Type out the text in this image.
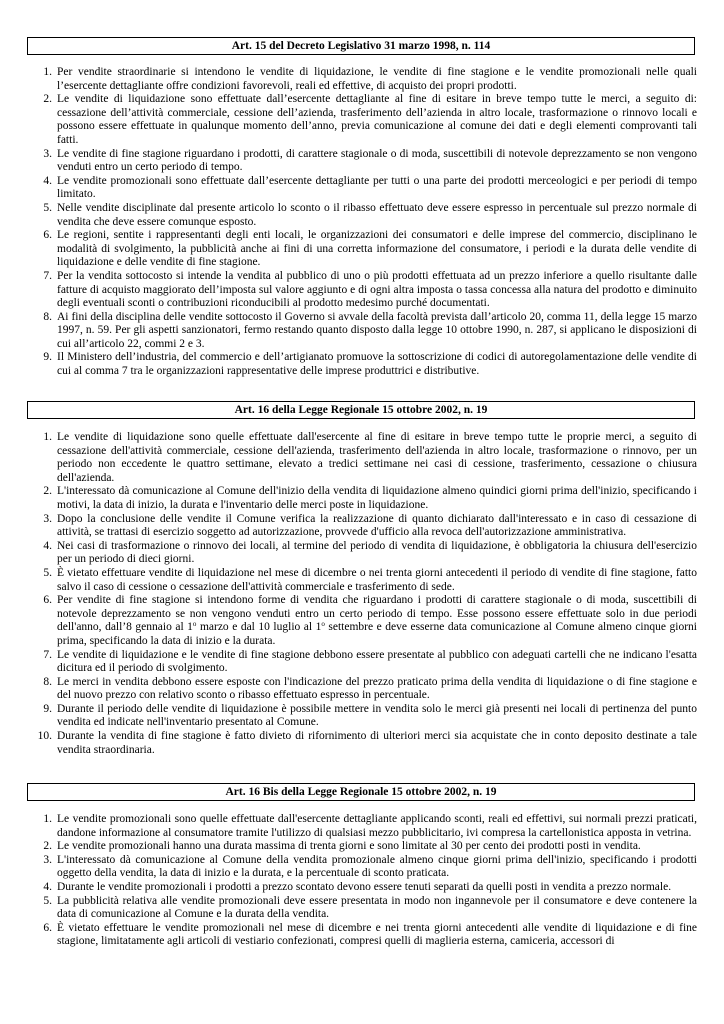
Art. 15 del Decreto Legislativo 31 marzo 1998, n. 114
1. Per vendite straordinarie si intendono le vendite di liquidazione, le vendite di fine stagione e le vendite promozionali nelle quali l’esercente dettagliante offre condizioni favorevoli, reali ed effettive, di acquisto dei propri prodotti.
2. Le vendite di liquidazione sono effettuate dall’esercente dettagliante al fine di esitare in breve tempo tutte le merci, a seguito di: cessazione dell’attività commerciale, cessione dell’azienda, trasferimento dell’azienda in altro locale, trasformazione o rinnovo locali e possono essere effettuate in qualunque momento dell’anno, previa comunicazione al comune dei dati e degli elementi comprovanti tali fatti.
3. Le vendite di fine stagione riguardano i prodotti, di carattere stagionale o di moda, suscettibili di notevole deprezzamento se non vengono venduti entro un certo periodo di tempo.
4. Le vendite promozionali sono effettuate dall’esercente dettagliante per tutti o una parte dei prodotti merceologici e per periodi di tempo limitato.
5. Nelle vendite disciplinate dal presente articolo lo sconto o il ribasso effettuato deve essere espresso in percentuale sul prezzo normale di vendita che deve essere comunque esposto.
6. Le regioni, sentite i rappresentanti degli enti locali, le organizzazioni dei consumatori e delle imprese del commercio, disciplinano le modalità di svolgimento, la pubblicità anche ai fini di una corretta informazione del consumatore, i periodi e la durata delle vendite di liquidazione e delle vendite di fine stagione.
7. Per la vendita sottocosto si intende la vendita al pubblico di uno o più prodotti effettuata ad un prezzo inferiore a quello risultante dalle fatture di acquisto maggiorato dell’imposta sul valore aggiunto e di ogni altra imposta o tassa concessa alla natura del prodotto e diminuito degli eventuali sconti o contribuzioni riconducibili al prodotto medesimo purché documentati.
8. Ai fini della disciplina delle vendite sottocosto il Governo si avvale della facoltà prevista dall’articolo 20, comma 11, della legge 15 marzo 1997, n. 59. Per gli aspetti sanzionatori, fermo restando quanto disposto dalla legge 10 ottobre 1990, n. 287, si applicano le disposizioni di cui all’articolo 22, commi 2 e 3.
9. Il Ministero dell’industria, del commercio e dell’artigianato promuove la sottoscrizione di codici di autoregolamentazione delle vendite di cui al comma 7 tra le organizzazioni rappresentative delle imprese produttrici e distributive.
Art. 16 della Legge Regionale 15 ottobre 2002, n. 19
1. Le vendite di liquidazione sono quelle effettuate dall'esercente al fine di esitare in breve tempo tutte le proprie merci, a seguito di cessazione dell'attività commerciale, cessione dell'azienda, trasferimento dell'azienda in altro locale, trasformazione o rinnovo, per un periodo non eccedente le quattro settimane, elevato a tredici settimane nei casi di cessione, trasferimento, cessazione o chiusura dell'azienda.
2. L'interessato dà comunicazione al Comune dell'inizio della vendita di liquidazione almeno quindici giorni prima dell'inizio, specificando i motivi, la data di inizio, la durata e l'inventario delle merci poste in liquidazione.
3. Dopo la conclusione delle vendite il Comune verifica la realizzazione di quanto dichiarato dall'interessato e in caso di cessazione di attività, se trattasi di esercizio soggetto ad autorizzazione, provvede d'ufficio alla revoca dell'autorizzazione amministrativa.
4. Nei casi di trasformazione o rinnovo dei locali, al termine del periodo di vendita di liquidazione, è obbligatoria la chiusura dell'esercizio per un periodo di dieci giorni.
5. È vietato effettuare vendite di liquidazione nel mese di dicembre o nei trenta giorni antecedenti il periodo di vendite di fine stagione, fatto salvo il caso di cessione o cessazione dell'attività commerciale e trasferimento di sede.
6. Per vendite di fine stagione si intendono forme di vendita che riguardano i prodotti di carattere stagionale o di moda, suscettibili di notevole deprezzamento se non vengono venduti entro un certo periodo di tempo. Esse possono essere effettuate solo in due periodi dell'anno, dall’8 gennaio al 1$^o$ marzo e dal 10 luglio al 1$^o$ settembre e deve esserne data comunicazione al Comune almeno cinque giorni prima, specificando la data di inizio e la durata.
7. Le vendite di liquidazione e le vendite di fine stagione debbono essere presentate al pubblico con adeguati cartelli che ne indicano l'esatta dicitura ed il periodo di svolgimento.
8. Le merci in vendita debbono essere esposte con l'indicazione del prezzo praticato prima della vendita di liquidazione o di fine stagione e del nuovo prezzo con relativo sconto o ribasso effettuato espresso in percentuale.
9. Durante il periodo delle vendite di liquidazione è possibile mettere in vendita solo le merci già presenti nei locali di pertinenza del punto vendita ed indicate nell'inventario presentato al Comune.
10. Durante la vendita di fine stagione è fatto divieto di rifornimento di ulteriori merci sia acquistate che in conto deposito destinate a tale vendita straordinaria.
Art. 16 Bis della Legge Regionale 15 ottobre 2002, n. 19
1. Le vendite promozionali sono quelle effettuate dall'esercente dettagliante applicando sconti, reali ed effettivi, sui normali prezzi praticati, dandone informazione al consumatore tramite l'utilizzo di qualsiasi mezzo pubblicitario, ivi compresa la cartellonistica apposta in vetrina.
2. Le vendite promozionali hanno una durata massima di trenta giorni e sono limitate al 30 per cento dei prodotti posti in vendita.
3. L'interessato dà comunicazione al Comune della vendita promozionale almeno cinque giorni prima dell'inizio, specificando i prodotti oggetto della vendita, la data di inizio e la durata, e la percentuale di sconto praticata.
4. Durante le vendite promozionali i prodotti a prezzo scontato devono essere tenuti separati da quelli posti in vendita a prezzo normale.
5. La pubblicità relativa alle vendite promozionali deve essere presentata in modo non ingannevole per il consumatore e deve contenere la data di comunicazione al Comune e la durata della vendita.
6. È vietato effettuare le vendite promozionali nel mese di dicembre e nei trenta giorni antecedenti alle vendite di liquidazione e di fine stagione, limitatamente agli articoli di vestiario confezionati, compresi quelli di maglieria esterna, camiceria, accessori di
